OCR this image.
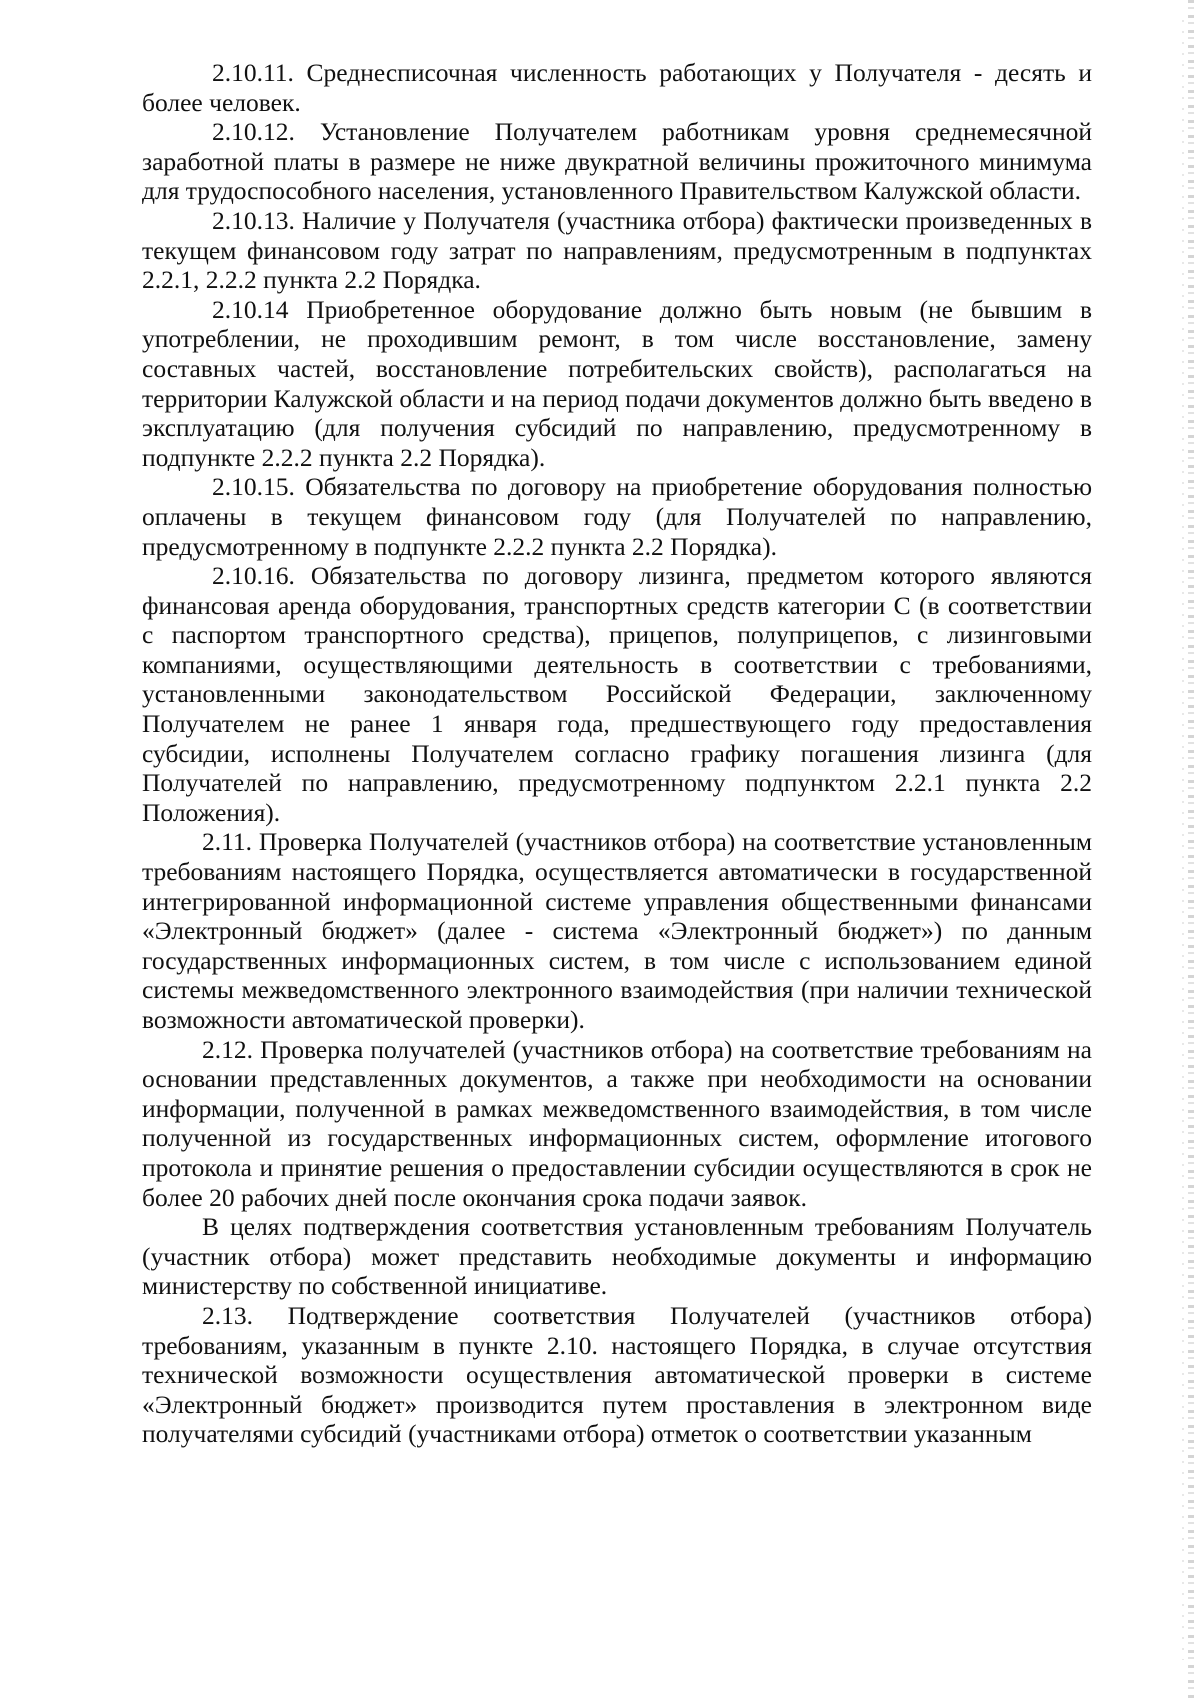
2.10.11. Среднесписочная численность работающих у Получателя - десять и более человек.

2.10.12. Установление Получателем работникам уровня среднемесячной заработной платы в размере не ниже двукратной величины прожиточного минимума для трудоспособного населения, установленного Правительством Калужской области.

2.10.13. Наличие у Получателя (участника отбора) фактически произведенных в текущем финансовом году затрат по направлениям, предусмотренным в подпунктах 2.2.1, 2.2.2 пункта 2.2 Порядка.

2.10.14 Приобретенное оборудование должно быть новым (не бывшим в употреблении, не проходившим ремонт, в том числе восстановление, замену составных частей, восстановление потребительских свойств), располагаться на территории Калужской области и на период подачи документов должно быть введено в эксплуатацию (для получения субсидий по направлению, предусмотренному в подпункте 2.2.2 пункта 2.2 Порядка).

2.10.15. Обязательства по договору на приобретение оборудования полностью оплачены в текущем финансовом году (для Получателей по направлению, предусмотренному в подпункте 2.2.2 пункта 2.2 Порядка).

2.10.16. Обязательства по договору лизинга, предметом которого являются финансовая аренда оборудования, транспортных средств категории С (в соответствии с паспортом транспортного средства), прицепов, полуприцепов, с лизинговыми компаниями, осуществляющими деятельность в соответствии с требованиями, установленными законодательством Российской Федерации, заключенному Получателем не ранее 1 января года, предшествующего году предоставления субсидии, исполнены Получателем согласно графику погашения лизинга (для Получателей по направлению, предусмотренному подпунктом 2.2.1 пункта 2.2 Положения).

2.11. Проверка Получателей (участников отбора) на соответствие установленным требованиям настоящего Порядка, осуществляется автоматически в государственной интегрированной информационной системе управления общественными финансами «Электронный бюджет» (далее - система «Электронный бюджет») по данным государственных информационных систем, в том числе с использованием единой системы межведомственного электронного взаимодействия (при наличии технической возможности автоматической проверки).

2.12. Проверка получателей (участников отбора) на соответствие требованиям на основании представленных документов, а также при необходимости на основании информации, полученной в рамках межведомственного взаимодействия, в том числе полученной из государственных информационных систем, оформление итогового протокола и принятие решения о предоставлении субсидии осуществляются в срок не более 20 рабочих дней после окончания срока подачи заявок.

В целях подтверждения соответствия установленным требованиям Получатель (участник отбора) может представить необходимые документы и информацию министерству по собственной инициативе.

2.13. Подтверждение соответствия Получателей (участников отбора) требованиям, указанным в пункте 2.10. настоящего Порядка, в случае отсутствия технической возможности осуществления автоматической проверки в системе «Электронный бюджет» производится путем проставления в электронном виде получателями субсидий (участниками отбора) отметок о соответствии указанным
